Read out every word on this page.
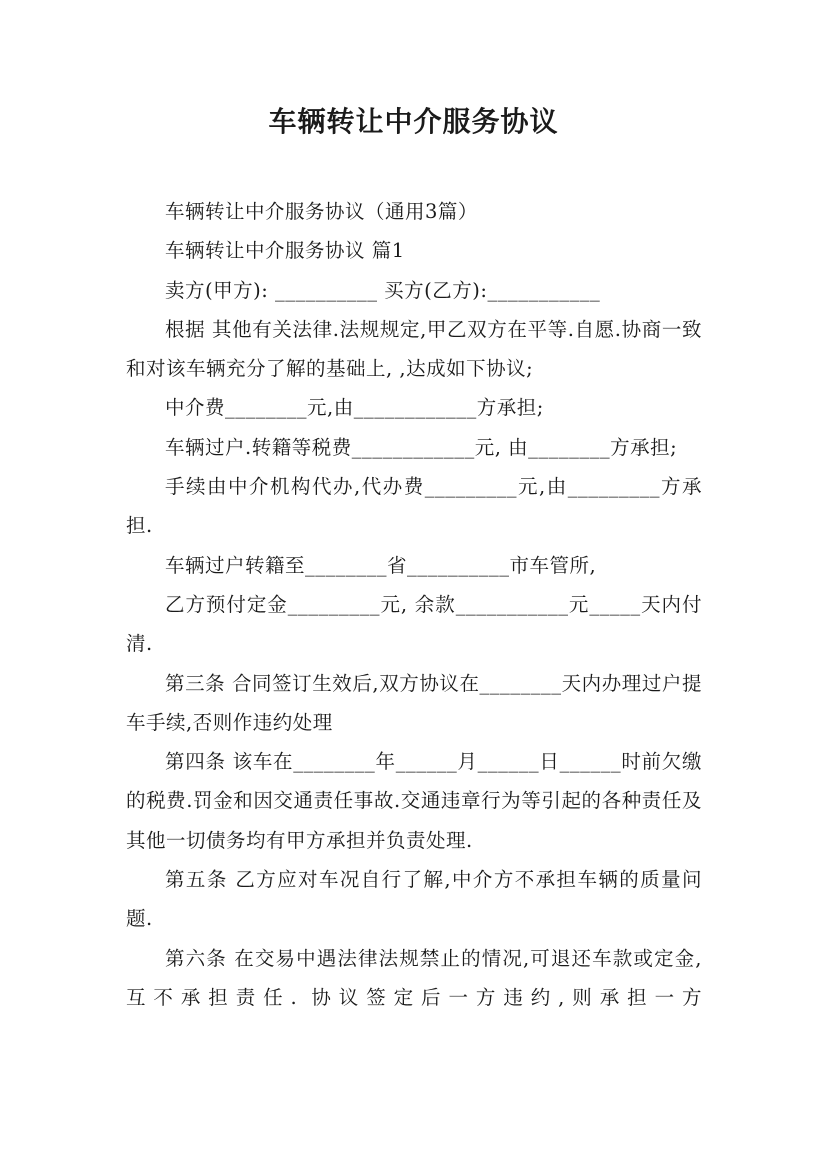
车辆转让中介服务协议

车辆转让中介服务协议（通用3篇）

车辆转让中介服务协议 篇1

卖方(甲方): __________ 买方(乙方):___________

根据 其他有关法律.法规规定,甲乙双方在平等.自愿.协商一致和对该车辆充分了解的基础上, ,达成如下协议;

中介费________元,由____________方承担;

车辆过户.转籍等税费____________元, 由________方承担;

手续由中介机构代办,代办费_________元,由_________方承担.

车辆过户转籍至________省__________市车管所,

乙方预付定金_________元, 余款___________元_____天内付清.

第三条 合同签订生效后,双方协议在________天内办理过户提车手续,否则作违约处理

第四条 该车在________年______月______日______时前欠缴的税费.罚金和因交通责任事故.交通违章行为等引起的各种责任及其他一切债务均有甲方承担并负责处理.

第五条 乙方应对车况自行了解,中介方不承担车辆的质量问题.

第六条 在交易中遇法律法规禁止的情况,可退还车款或定金,互不承担责任. 协议签定后一方违约,则承担一方
